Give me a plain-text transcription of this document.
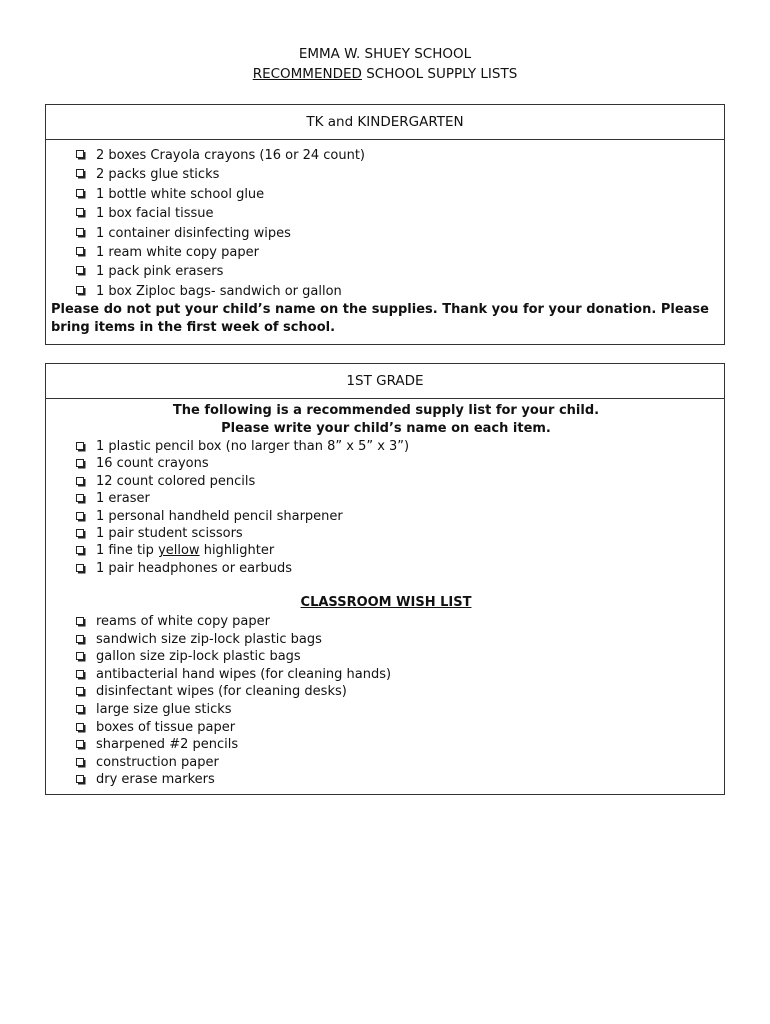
EMMA W. SHUEY SCHOOL
RECOMMENDED SCHOOL SUPPLY LISTS
TK and KINDERGARTEN
2 boxes Crayola crayons (16 or 24 count)
2 packs glue sticks
1 bottle white school glue
1 box facial tissue
1 container disinfecting wipes
1 ream white copy paper
1 pack pink erasers
1 box Ziploc bags- sandwich or gallon
Please do not put your child’s name on the supplies. Thank you for your donation. Please bring items in the first week of school.
1ST GRADE
The following is a recommended supply list for your child.
Please write your child’s name on each item.
1 plastic pencil box (no larger than 8” x 5” x 3”)
16 count crayons
12 count colored pencils
1 eraser
1 personal handheld pencil sharpener
1 pair student scissors
1 fine tip yellow highlighter
1 pair headphones or earbuds
CLASSROOM WISH LIST
reams of white copy paper
sandwich size zip-lock plastic bags
gallon size zip-lock plastic bags
antibacterial hand wipes (for cleaning hands)
disinfectant wipes (for cleaning desks)
large size glue sticks
boxes of tissue paper
sharpened #2 pencils
construction paper
dry erase markers
